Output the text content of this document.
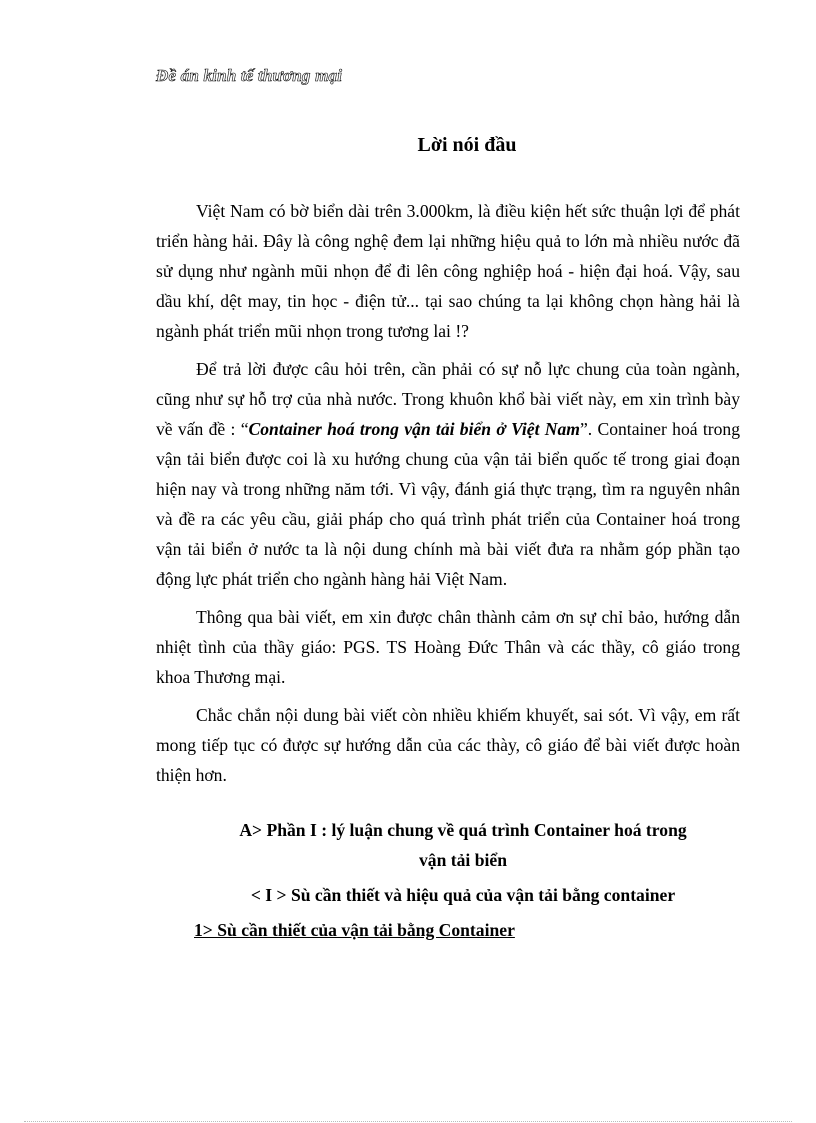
Đề án kinh tế thương mại
Lời nói đầu

Việt Nam có bờ biển dài trên 3.000km, là điều kiện hết sức thuận lợi để phát triển hàng hải. Đây là công nghệ đem lại những hiệu quả to lớn mà nhiều nước đã sử dụng như ngành mũi nhọn để đi lên công nghiệp hoá - hiện đại hoá. Vậy, sau dầu khí, dệt may, tin học - điện tử... tại sao chúng ta lại không chọn hàng hải là ngành phát triển mũi nhọn trong tương lai !?

Để trả lời được câu hỏi trên, cần phải có sự nỗ lực chung của toàn ngành, cũng như sự hỗ trợ của nhà nước. Trong khuôn khổ bài viết này, em xin trình bày về vấn đề : “Container hoá trong vận tải biển ở Việt Nam”. Container hoá trong vận tải biển được coi là xu hướng chung của vận tải biển quốc tế trong giai đoạn hiện nay và trong những năm tới. Vì vậy, đánh giá thực trạng, tìm ra nguyên nhân và đề ra các yêu cầu, giải pháp cho quá trình phát triển của Container hoá trong vận tải biển ở nước ta là nội dung chính mà bài viết đưa ra nhằm góp phần tạo động lực phát triển cho ngành hàng hải Việt Nam.

Thông qua bài viết, em xin được chân thành cảm ơn sự chỉ bảo, hướng dẫn nhiệt tình của thầy giáo: PGS. TS Hoàng Đức Thân và các thầy, cô giáo trong khoa Thương mại.

Chắc chắn nội dung bài viết còn nhiều khiếm khuyết, sai sót. Vì vậy, em rất mong tiếp tục có được sự hướng dẫn của các thày, cô giáo để bài viết được hoàn thiện hơn.

A> Phần I : lý luận chung về quá trình Container hoá trong
vận tải biển
< I > Sù cần thiết và hiệu quả của vận tải bằng container
1> Sù cần thiết của vận tải bằng Container
